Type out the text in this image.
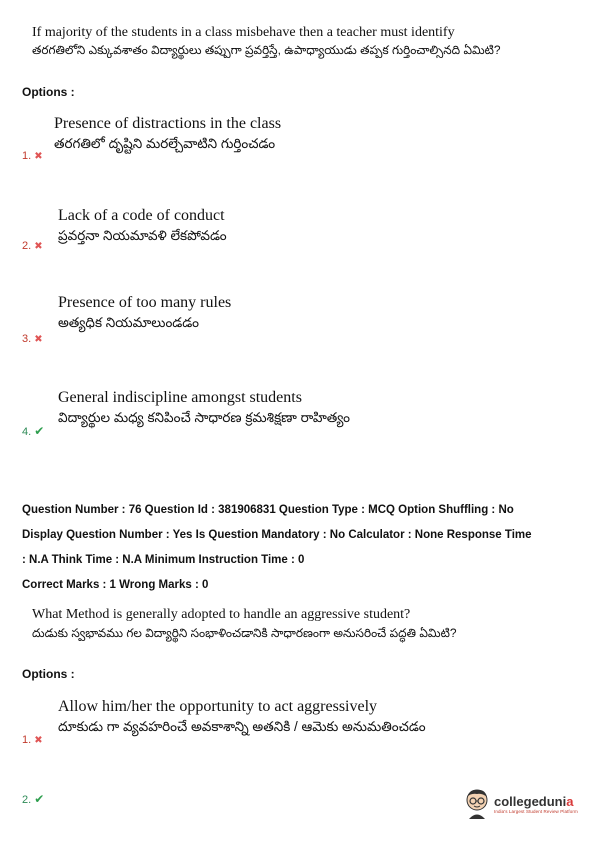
If majority of the students in a class misbehave then a teacher must identify
తరగతిలోని ఎక్కువశాతం విద్యార్థులు తప్పుగా ప్రవర్తిస్తే, ఉపాధ్యాయుడు తప్పక గుర్తించాల్సినది ఏమిటి?
Options :
Presence of distractions in the class
తరగతిలో దృష్టిని మరల్చేవాటిని గుర్తించడం
1. ✖
Lack of a code of conduct
ప్రవర్తనా నియమావళి లేకపోవడం
2. ✖
Presence of too many rules
అత్యధిక నియమాలుండడం
3. ✖
General indiscipline amongst students
విద్యార్థుల మధ్య కనిపించే సాధారణ క్రమశిక్షణా రాహిత్యం
4. ✔
Question Number : 76 Question Id : 381906831 Question Type : MCQ Option Shuffling : No
Display Question Number : Yes Is Question Mandatory : No Calculator : None Response Time
: N.A Think Time : N.A Minimum Instruction Time : 0
Correct Marks : 1 Wrong Marks : 0
What Method is generally adopted to handle an aggressive student?
దుడుకు స్వభావము గల విద్యార్థిని సంభాళించడానికి సాధారణంగా అనుసరించే పద్ధతి ఏమిటి?
Options :
Allow him/her the opportunity to act aggressively
దూకుడు గా వ్యవహరించే అవకాశాన్ని అతనికి / ఆమెకు అనుమతించడం
1. ✖
2. ✔	collegedunia
India's Largest Student Review Platform
